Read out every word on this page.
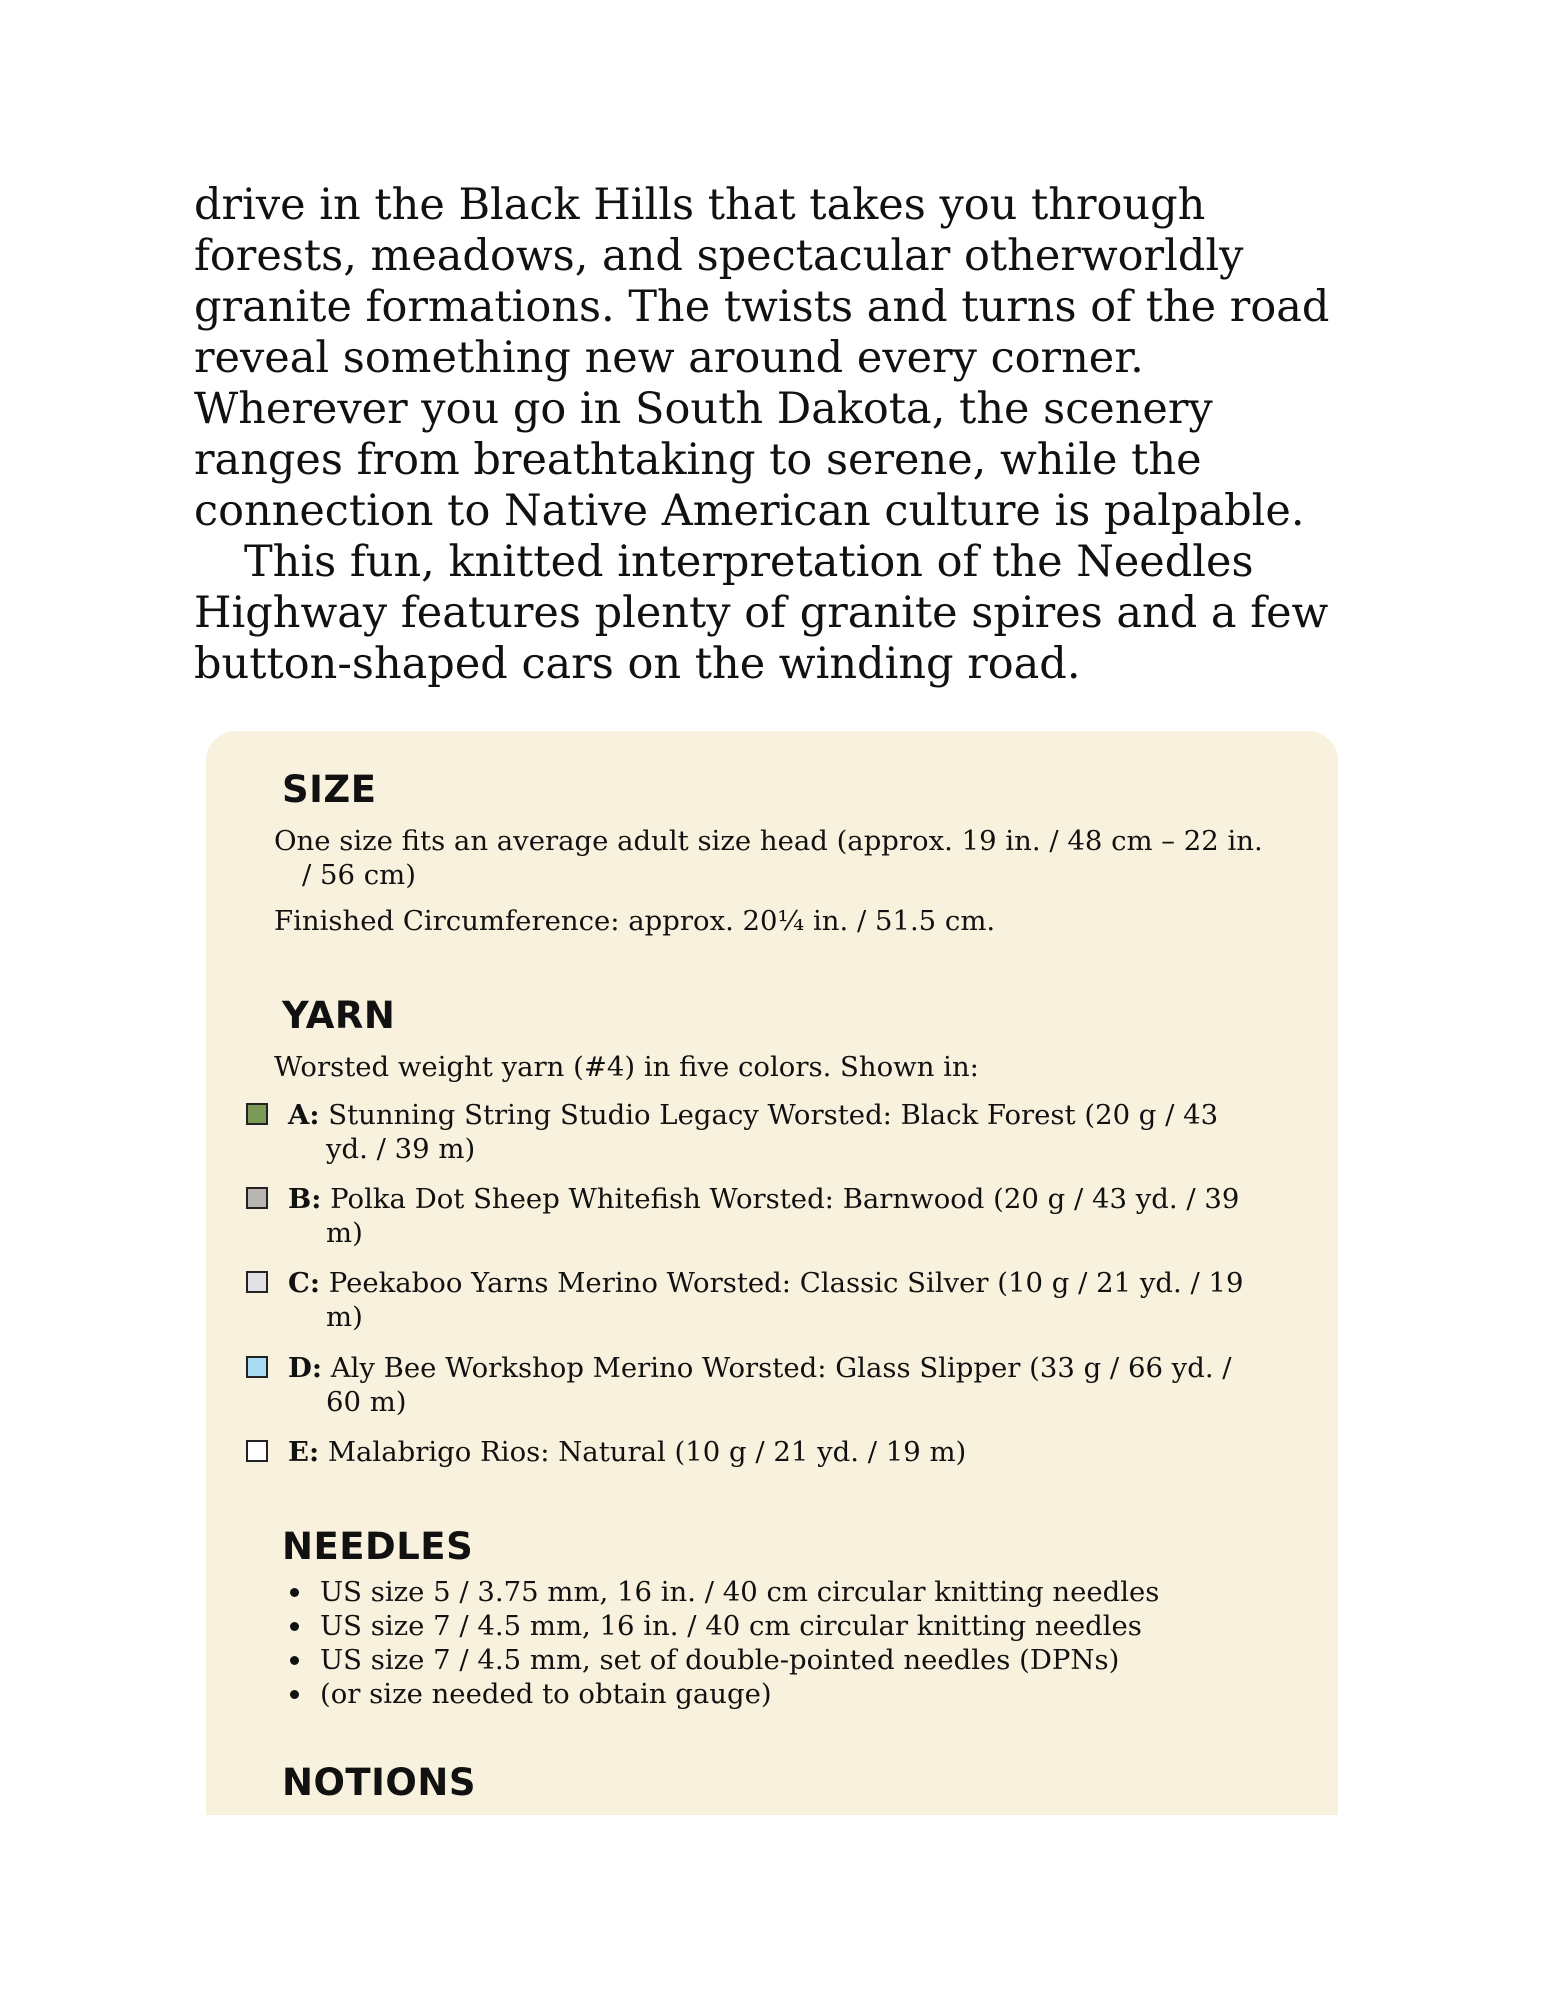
drive in the Black Hills that takes you through
forests, meadows, and spectacular otherworldly
granite formations. The twists and turns of the road
reveal something new around every corner.
Wherever you go in South Dakota, the scenery
ranges from breathtaking to serene, while the
connection to Native American culture is palpable.
This fun, knitted interpretation of the Needles
Highway features plenty of granite spires and a few
button-shaped cars on the winding road.
SIZE

One size fits an average adult size head (approx. 19 in. / 48 cm – 22 in.
/ 56 cm)

Finished Circumference: approx. 20¼ in. / 51.5 cm.

YARN

Worsted weight yarn (#4) in five colors. Shown in:

A: Stunning String Studio Legacy Worsted: Black Forest (20 g / 43
yd. / 39 m)
B: Polka Dot Sheep Whitefish Worsted: Barnwood (20 g / 43 yd. / 39
m)
C: Peekaboo Yarns Merino Worsted: Classic Silver (10 g / 21 yd. / 19
m)
D: Aly Bee Workshop Merino Worsted: Glass Slipper (33 g / 66 yd. /
60 m)
E: Malabrigo Rios: Natural (10 g / 21 yd. / 19 m)
NEEDLES
US size 5 / 3.75 mm, 16 in. / 40 cm circular knitting needles
US size 7 / 4.5 mm, 16 in. / 40 cm circular knitting needles
US size 7 / 4.5 mm, set of double-pointed needles (DPNs)
(or size needed to obtain gauge)
NOTIONS
